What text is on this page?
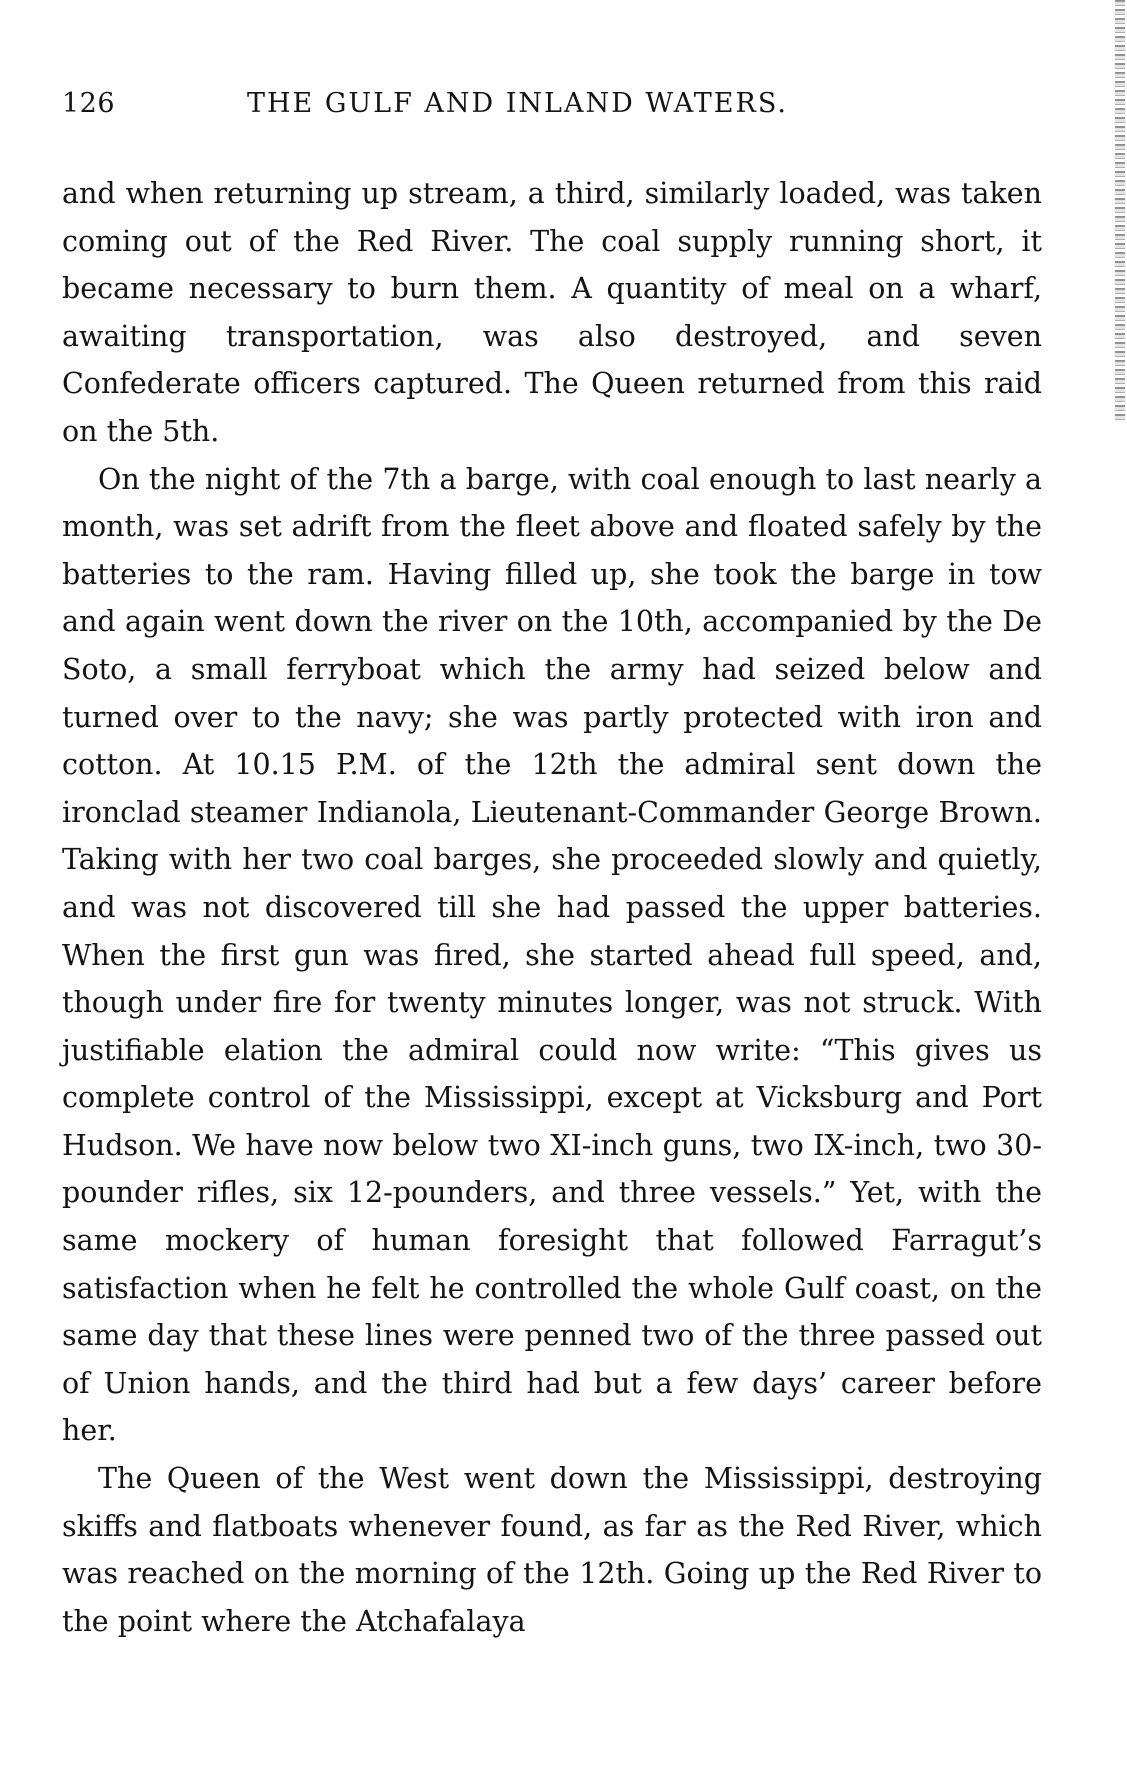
126	THE GULF AND INLAND WATERS.

and when returning up stream, a third, similarly loaded, was taken coming out of the Red River. The coal supply running short, it became necessary to burn them. A quantity of meal on a wharf, awaiting transportation, was also destroyed, and seven Confederate officers captured. The Queen returned from this raid on the 5th.

On the night of the 7th a barge, with coal enough to last nearly a month, was set adrift from the fleet above and floated safely by the batteries to the ram. Having filled up, she took the barge in tow and again went down the river on the 10th, accompanied by the De Soto, a small ferryboat which the army had seized below and turned over to the navy; she was partly protected with iron and cotton. At 10.15 P.M. of the 12th the admiral sent down the ironclad steamer Indianola, Lieutenant-Commander George Brown. Taking with her two coal barges, she proceeded slowly and quietly, and was not discovered till she had passed the upper batteries. When the first gun was fired, she started ahead full speed, and, though under fire for twenty minutes longer, was not struck. With justifiable elation the admiral could now write: “This gives us complete control of the Mississippi, except at Vicksburg and Port Hudson. We have now below two XI-inch guns, two IX-inch, two 30-pounder rifles, six 12-pounders, and three vessels.” Yet, with the same mockery of human foresight that followed Farragut’s satisfaction when he felt he controlled the whole Gulf coast, on the same day that these lines were penned two of the three passed out of Union hands, and the third had but a few days’ career before her.

The Queen of the West went down the Mississippi, destroying skiffs and flatboats whenever found, as far as the Red River, which was reached on the morning of the 12th. Going up the Red River to the point where the Atchafalaya
